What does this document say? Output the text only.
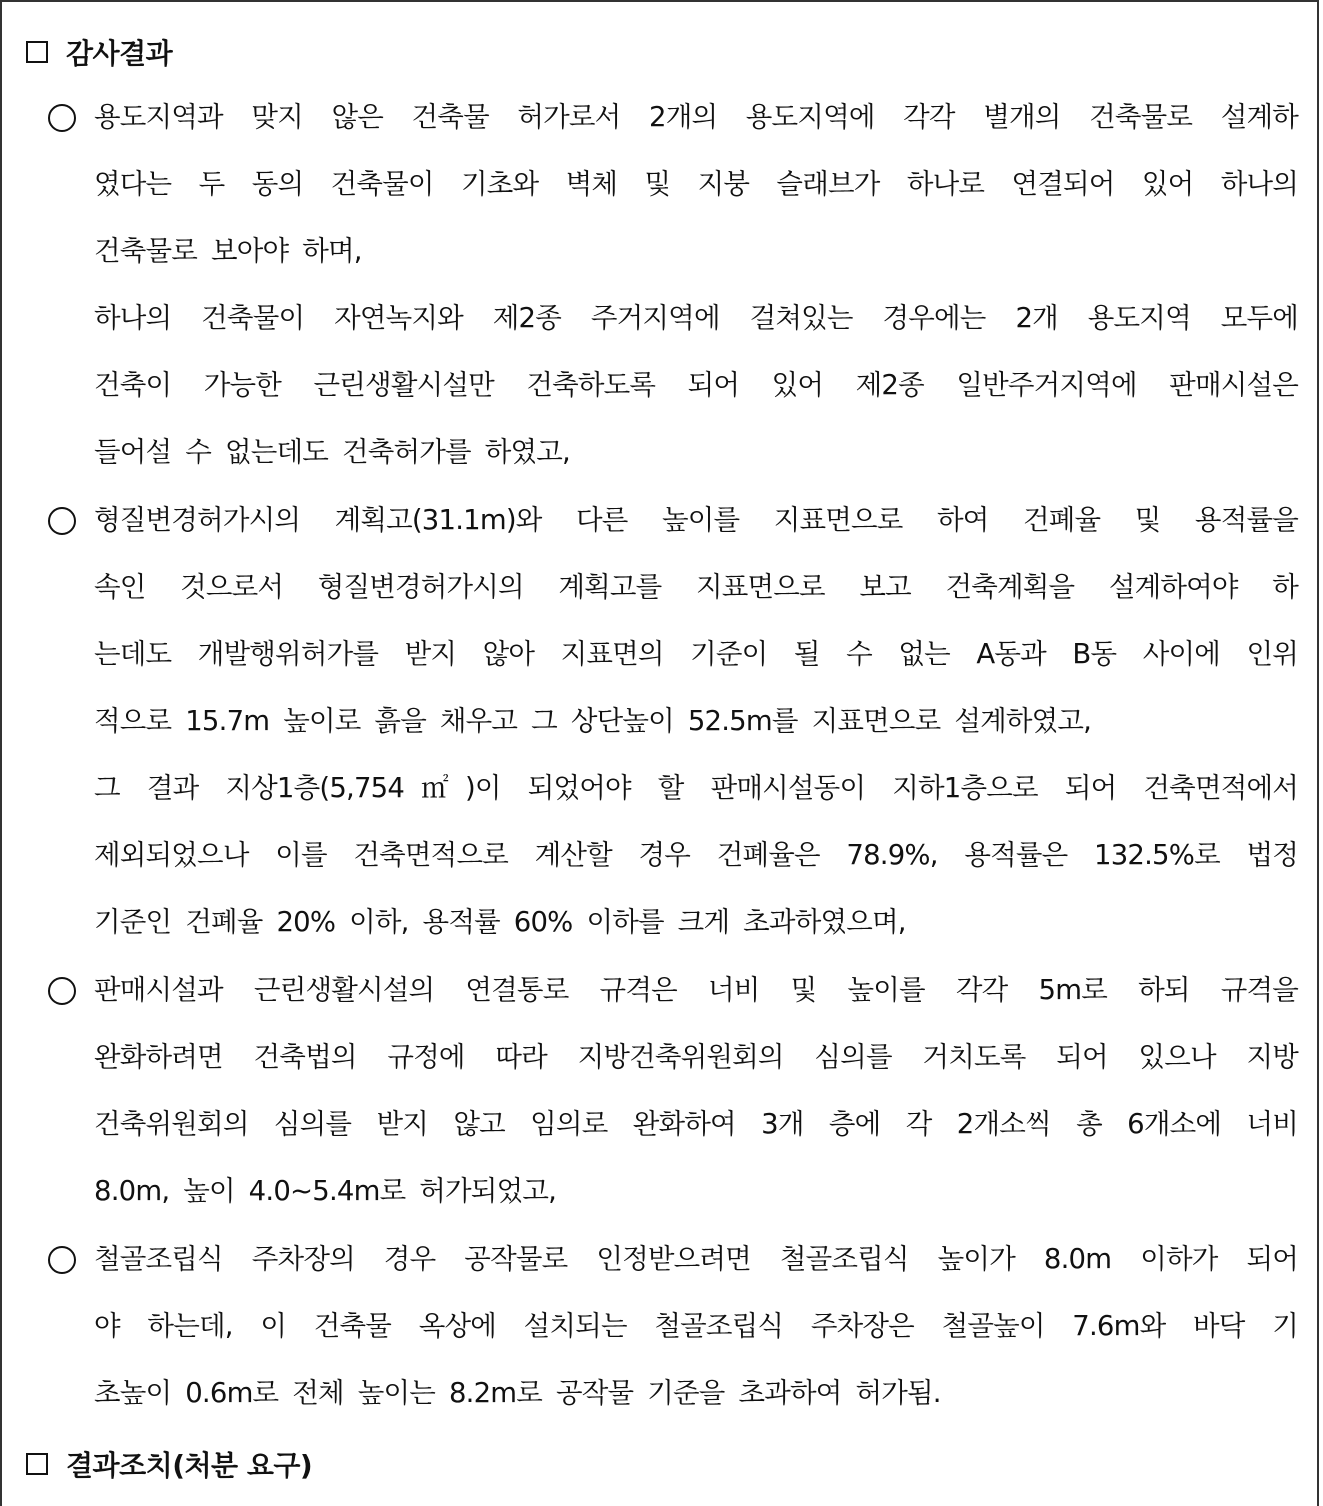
감사결과
용도지역과 맞지 않은 건축물 허가로서 2개의 용도지역에 각각 별개의 건축물로 설계하
였다는 두 동의 건축물이 기초와 벽체 및 지붕 슬래브가 하나로 연결되어 있어 하나의
건축물로 보아야 하며,
하나의 건축물이 자연녹지와 제2종 주거지역에 걸쳐있는 경우에는 2개 용도지역 모두에
건축이 가능한 근린생활시설만 건축하도록 되어 있어 제2종 일반주거지역에 판매시설은
들어설 수 없는데도 건축허가를 하였고,
형질변경허가시의 계획고(31.1m)와 다른 높이를 지표면으로 하여 건폐율 및 용적률을
속인 것으로서 형질변경허가시의 계획고를 지표면으로 보고 건축계획을 설계하여야 하
는데도 개발행위허가를 받지 않아 지표면의 기준이 될 수 없는 A동과 B동 사이에 인위
적으로 15.7m 높이로 흙을 채우고 그 상단높이 52.5m를 지표면으로 설계하였고,
그 결과 지상1층(5,754㎡)이 되었어야 할 판매시설동이 지하1층으로 되어 건축면적에서
제외되었으나 이를 건축면적으로 계산할 경우 건폐율은 78.9%, 용적률은 132.5%로 법정
기준인 건폐율 20% 이하, 용적률 60% 이하를 크게 초과하였으며,
판매시설과 근린생활시설의 연결통로 규격은 너비 및 높이를 각각 5m로 하되 규격을
완화하려면 건축법의 규정에 따라 지방건축위원회의 심의를 거치도록 되어 있으나 지방
건축위원회의 심의를 받지 않고 임의로 완화하여 3개 층에 각 2개소씩 총 6개소에 너비
8.0m, 높이 4.0~5.4m로 허가되었고,
철골조립식 주차장의 경우 공작물로 인정받으려면 철골조립식 높이가 8.0m 이하가 되어
야 하는데, 이 건축물 옥상에 설치되는 철골조립식 주차장은 철골높이 7.6m와 바닥 기
초높이 0.6m로 전체 높이는 8.2m로 공작물 기준을 초과하여 허가됨.
결과조치(처분 요구)
